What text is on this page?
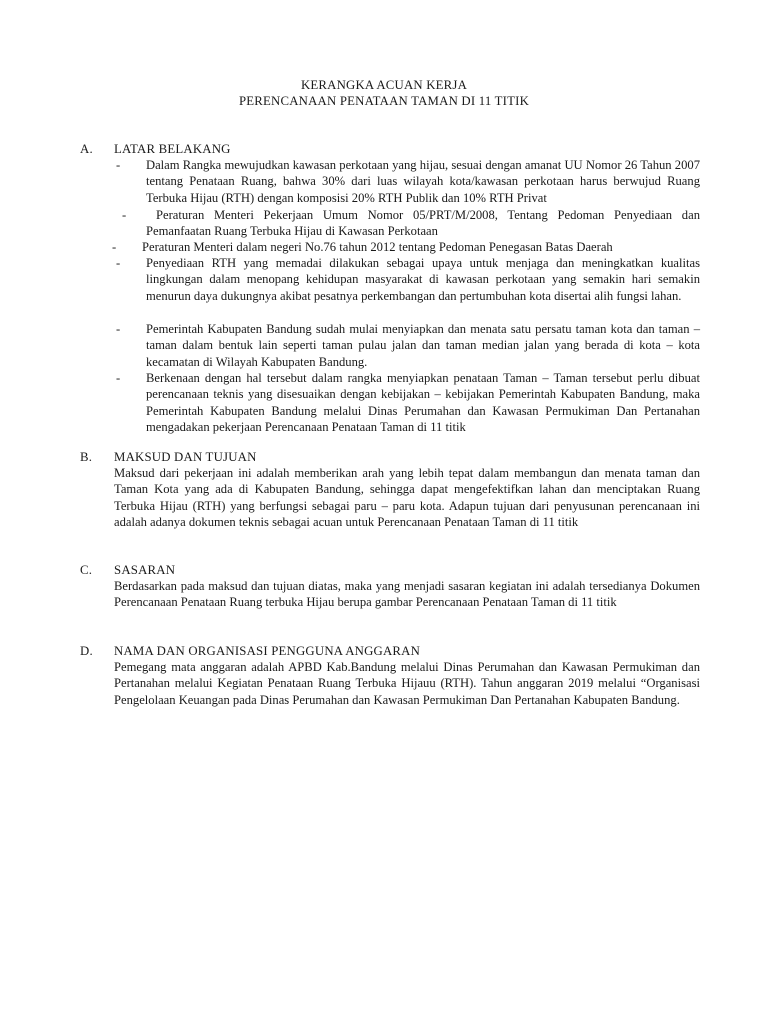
KERANGKA ACUAN KERJA
PERENCANAAN PENATAAN TAMAN DI 11 TITIK
A. LATAR BELAKANG
- Dalam Rangka mewujudkan kawasan perkotaan yang hijau, sesuai dengan amanat UU Nomor 26 Tahun 2007 tentang Penataan Ruang, bahwa 30% dari luas wilayah kota/kawasan perkotaan harus berwujud Ruang Terbuka Hijau (RTH) dengan komposisi 20% RTH Publik dan 10% RTH Privat
-	Peraturan Menteri Pekerjaan Umum Nomor 05/PRT/M/2008, Tentang Pedoman Penyediaan dan Pemanfaatan Ruang Terbuka Hijau di Kawasan Perkotaan
- Peraturan Menteri dalam negeri No.76 tahun 2012 tentang Pedoman Penegasan Batas Daerah
- Penyediaan RTH yang memadai dilakukan sebagai upaya untuk menjaga dan meningkatkan kualitas lingkungan dalam menopang kehidupan masyarakat di kawasan perkotaan yang semakin hari semakin menurun daya dukungnya akibat pesatnya perkembangan dan pertumbuhan kota disertai alih fungsi lahan.
- Pemerintah Kabupaten Bandung sudah mulai menyiapkan dan menata satu persatu taman kota dan taman – taman dalam bentuk lain seperti taman pulau jalan dan taman median jalan yang berada di kota – kota kecamatan di Wilayah Kabupaten Bandung.
- Berkenaan dengan hal tersebut dalam rangka menyiapkan penataan Taman – Taman tersebut perlu dibuat perencanaan teknis yang disesuaikan dengan kebijakan – kebijakan Pemerintah Kabupaten Bandung, maka Pemerintah Kabupaten Bandung melalui Dinas Perumahan dan Kawasan Permukiman Dan Pertanahan mengadakan pekerjaan Perencanaan Penataan Taman di 11 titik
B. MAKSUD DAN TUJUAN
Maksud dari pekerjaan ini adalah memberikan arah yang lebih tepat dalam membangun dan menata taman dan Taman Kota yang ada di Kabupaten Bandung, sehingga dapat mengefektifkan lahan dan menciptakan Ruang Terbuka Hijau (RTH) yang berfungsi sebagai paru – paru kota. Adapun tujuan dari penyusunan perencanaan ini adalah adanya dokumen teknis sebagai acuan untuk Perencanaan Penataan Taman di 11 titik
C. SASARAN
Berdasarkan pada maksud dan tujuan diatas, maka yang menjadi sasaran kegiatan ini adalah tersedianya Dokumen Perencanaan Penataan Ruang terbuka Hijau berupa gambar Perencanaan Penataan Taman di 11 titik
D. NAMA DAN ORGANISASI PENGGUNA ANGGARAN
Pemegang mata anggaran adalah APBD Kab.Bandung melalui Dinas Perumahan dan Kawasan Permukiman dan Pertanahan melalui Kegiatan Penataan Ruang Terbuka Hijauu (RTH). Tahun anggaran 2019 melalui “Organisasi Pengelolaan Keuangan pada Dinas Perumahan dan Kawasan Permukiman Dan Pertanahan Kabupaten Bandung.
